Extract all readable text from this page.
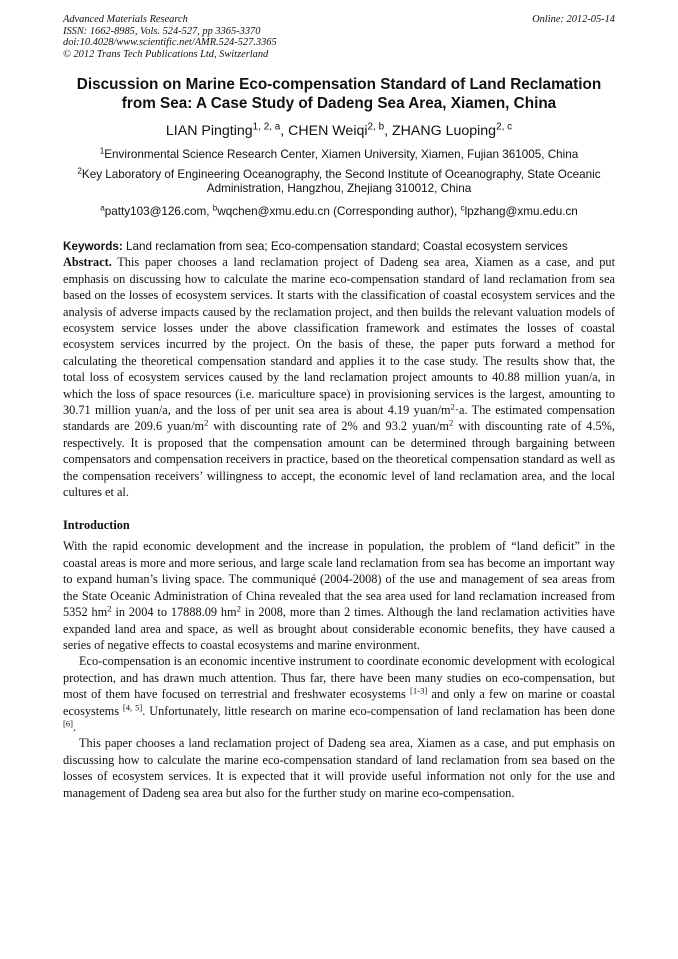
Advanced Materials Research
ISSN: 1662-8985, Vols. 524-527, pp 3365-3370
doi:10.4028/www.scientific.net/AMR.524-527.3365
© 2012 Trans Tech Publications Ltd, Switzerland
Online: 2012-05-14
Discussion on Marine Eco-compensation Standard of Land Reclamation
from Sea: A Case Study of Dadeng Sea Area, Xiamen, China
LIAN Pingting$^{1, 2, a}$, CHEN Weiqi$^{2, b}$, ZHANG Luoping$^{2, c}$
$^1$Environmental Science Research Center, Xiamen University, Xiamen, Fujian 361005, China
$^2$Key Laboratory of Engineering Oceanography, the Second Institute of Oceanography, State Oceanic Administration, Hangzhou, Zhejiang 310012, China
$^a$patty103@126.com, $^b$wqchen@xmu.edu.cn (Corresponding author), $^c$lpzhang@xmu.edu.cn
Keywords: Land reclamation from sea; Eco-compensation standard; Coastal ecosystem services

Abstract. This paper chooses a land reclamation project of Dadeng sea area, Xiamen as a case, and put emphasis on discussing how to calculate the marine eco-compensation standard of land reclamation from sea based on the losses of ecosystem services. It starts with the classification of coastal ecosystem services and the analysis of adverse impacts caused by the reclamation project, and then builds the relevant valuation models of ecosystem service losses under the above classification framework and estimates the losses of coastal ecosystem services incurred by the project. On the basis of these, the paper puts forward a method for calculating the theoretical compensation standard and applies it to the case study. The results show that, the total loss of ecosystem services caused by the land reclamation project amounts to 40.88 million yuan/a, in which the loss of space resources (i.e. mariculture space) in provisioning services is the largest, amounting to 30.71 million yuan/a, and the loss of per unit sea area is about 4.19 yuan/$m^2\cdot a$. The estimated compensation standards are 209.6 yuan/$m^2$ with discounting rate of 2% and 93.2 yuan/$m^2$ with discounting rate of 4.5%, respectively. It is proposed that the compensation amount can be determined through bargaining between compensators and compensation receivers in practice, based on the theoretical compensation standard as well as the compensation receivers’ willingness to accept, the economic level of land reclamation area, and the local cultures et al.

Introduction

With the rapid economic development and the increase in population, the problem of “land deficit” in the coastal areas is more and more serious, and large scale land reclamation from sea has become an important way to expand human’s living space. The communiqué (2004-2008) of the use and management of sea areas from the State Oceanic Administration of China revealed that the sea area used for land reclamation increased from 5352 $hm^2$ in 2004 to 17888.09 $hm^2$ in 2008, more than 2 times. Although the land reclamation activities have expanded land area and space, as well as brought about considerable economic benefits, they have caused a series of negative effects to coastal ecosystems and marine environment.

Eco-compensation is an economic incentive instrument to coordinate economic development with ecological protection, and has drawn much attention. Thus far, there have been many studies on eco-compensation, but most of them have focused on terrestrial and freshwater ecosystems [1-3] and only a few on marine or coastal ecosystems [4, 5]. Unfortunately, little research on marine eco-compensation of land reclamation has been done [6].

This paper chooses a land reclamation project of Dadeng sea area, Xiamen as a case, and put emphasis on discussing how to calculate the marine eco-compensation standard of land reclamation from sea based on the losses of ecosystem services. It is expected that it will provide useful information not only for the use and management of Dadeng sea area but also for the further study on marine eco-compensation.
